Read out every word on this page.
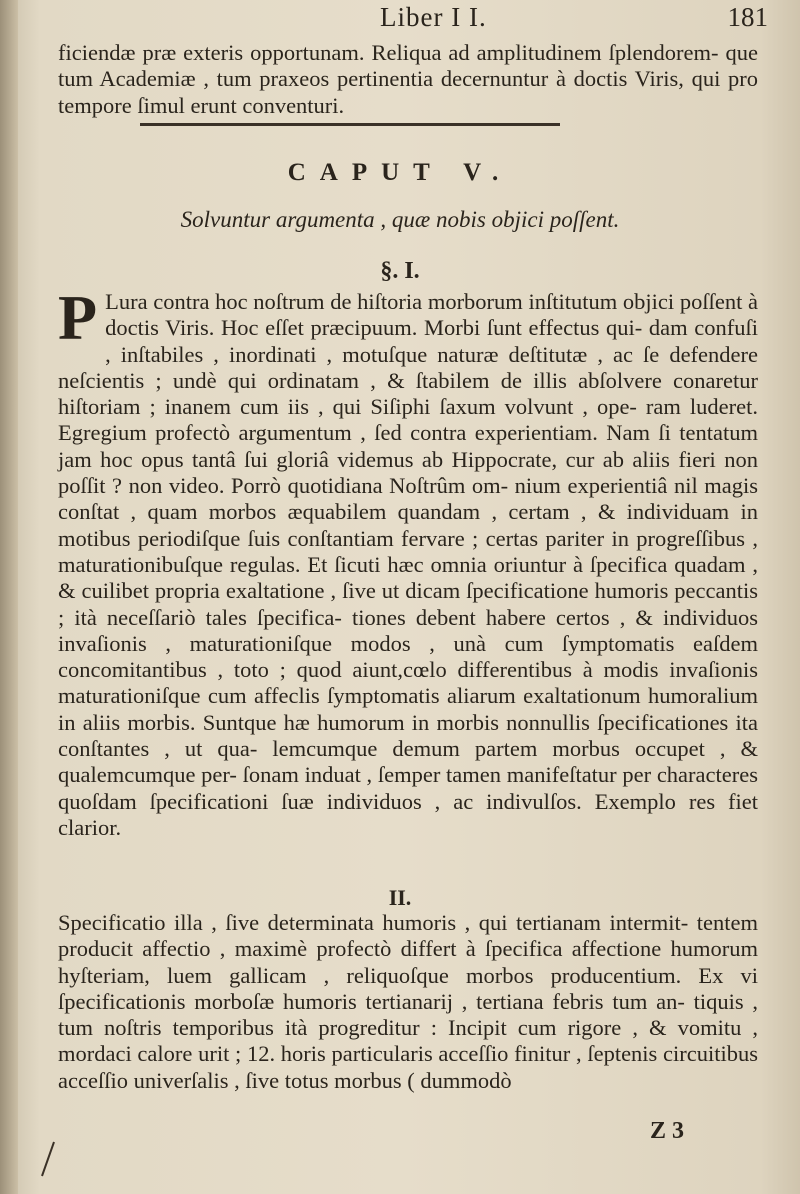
Liber I I.	181
ficiendæ præ exteris opportunam. Reliqua ad amplitudinem ſplendorem- que tum Academiæ , tum praxeos pertinentia decernuntur à doctis Viris, qui pro tempore ſimul erunt conventuri.
CAPUT V.
Solvuntur argumenta , quæ nobis objici poſſent.
§. I.
P Lura contra hoc noſtrum de hiſtoria morborum inſtitutum objici poſſent à doctis Viris. Hoc eſſet præcipuum. Morbi ſunt effectus qui- dam confuſi , inſtabiles , inordinati , motuſque naturæ deſtitutæ , ac ſe defendere neſcientis ; undè qui ordinatam , & ſtabilem de illis abſolvere conaretur hiſtoriam ; inanem cum iis , qui Siſiphi ſaxum volvunt , ope- ram luderet. Egregium profectò argumentum , ſed contra experientiam. Nam ſi tentatum jam hoc opus tantâ ſui gloriâ videmus ab Hippocrate, cur ab aliis fieri non poſſit ? non video. Porrò quotidiana Noſtrûm om- nium experientiâ nil magis conſtat , quam morbos æquabilem quandam , certam , & individuam in motibus periodiſque ſuis conſtantiam fervare ; certas pariter in progreſſibus , maturationibuſque regulas. Et ſicuti hæc omnia oriuntur à ſpecifica quadam , & cuilibet propria exaltatione , ſive ut dicam ſpecificatione humoris peccantis ; ità neceſſariò tales ſpecifica- tiones debent habere certos , & individuos invaſionis , maturationiſque modos , unà cum ſymptomatis eaſdem concomitantibus , toto ; quod aiunt,cœlo differentibus à modis invaſionis maturationiſque cum affeclis ſymptomatis aliarum exaltationum humoralium in aliis morbis. Suntque hæ humorum in morbis nonnullis ſpecificationes ita conſtantes , ut qua- lemcumque demum partem morbus occupet , & qualemcumque per- ſonam induat , ſemper tamen manifeſtatur per characteres quoſdam ſpecificationi ſuæ individuos , ac indivulſos. Exemplo res fiet clarior.
II.
Specificatio illa , ſive determinata humoris , qui tertianam intermit- tentem producit affectio , maximè profectò differt à ſpecifica affectione humorum hyſteriam, luem gallicam , reliquoſque morbos producentium. Ex vi ſpecificationis morboſæ humoris tertianarij , tertiana febris tum an- tiquis , tum noſtris temporibus ità progreditur : Incipit cum rigore , & vomitu , mordaci calore urit ; 12. horis particularis acceſſio finitur , ſeptenis circuitibus acceſſio univerſalis , ſive totus morbus ( dummodò
Z 3
